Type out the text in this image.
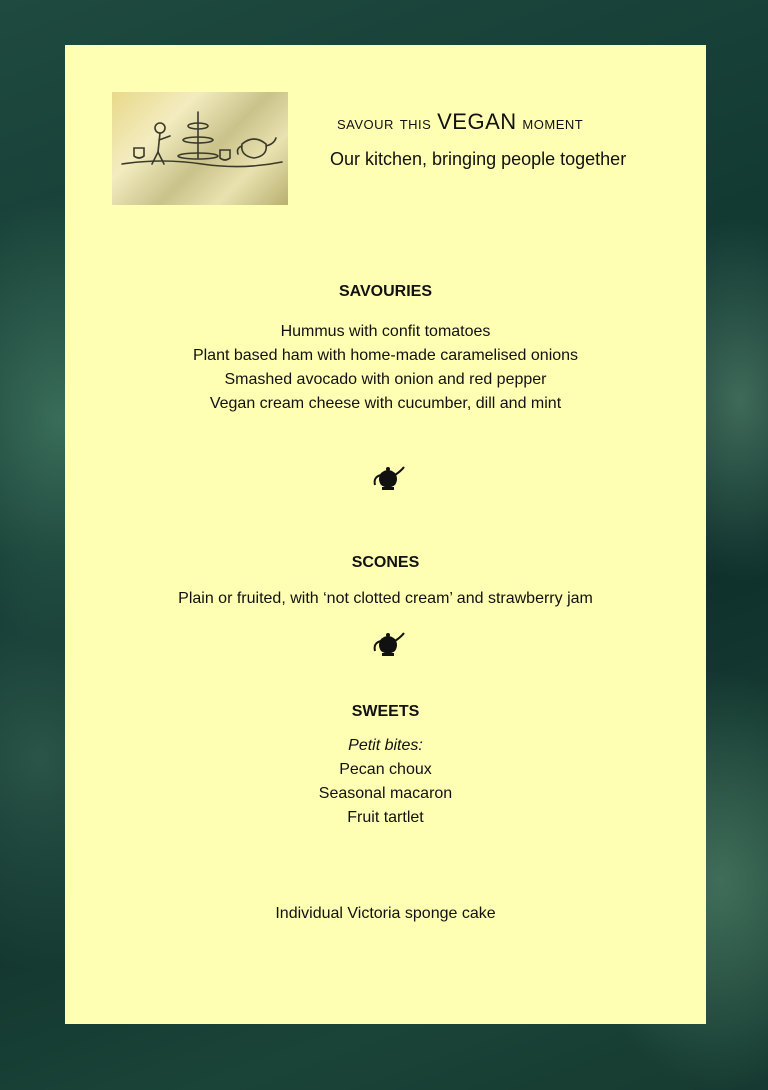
savour this VEGAN moment
Our kitchen, bringing people together
SAVOURIES
Hummus with confit tomatoes
Plant based ham with home-made caramelised onions
Smashed avocado with onion and red pepper
Vegan cream cheese with cucumber, dill and mint
SCONES
Plain or fruited, with ‘not clotted cream’ and strawberry jam
SWEETS
Petit bites:
Pecan choux
Seasonal macaron
Fruit tartlet
Individual Victoria sponge cake
